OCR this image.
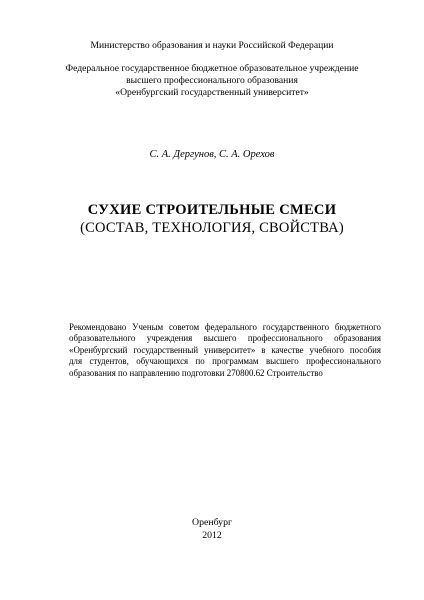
Министерство образования и науки Российской Федерации
Федеральное государственное бюджетное образовательное учреждение
высшего профессионального образования
«Оренбургский государственный университет»
С. А. Дергунов, С. А. Орехов
СУХИЕ СТРОИТЕЛЬНЫЕ СМЕСИ
(СОСТАВ, ТЕХНОЛОГИЯ, СВОЙСТВА)
Рекомендовано Ученым советом федерального государственного бюджетного
образовательного учреждения высшего профессионального образования
«Оренбургский государственный университет» в качестве учебного пособия
для студентов, обучающихся по программам высшего профессионального
образования по направлению подготовки 270800.62 Строительство
Оренбург
2012
